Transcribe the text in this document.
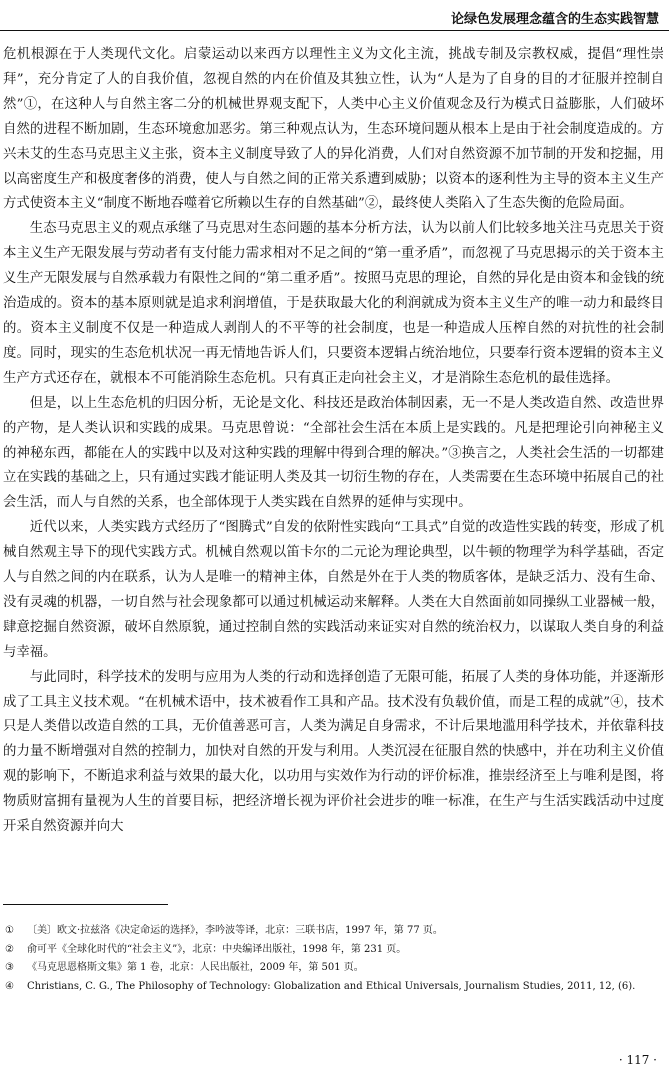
论绿色发展理念蕴含的生态实践智慧

危机根源在于人类现代文化。启蒙运动以来西方以理性主义为文化主流，挑战专制及宗教权威，提倡“理性崇拜”，充分肯定了人的自我价值，忽视自然的内在价值及其独立性，认为“人是为了自身的目的才征服并控制自然”①，在这种人与自然主客二分的机械世界观支配下，人类中心主义价值观念及行为模式日益膨胀，人们破坏自然的进程不断加剧，生态环境愈加恶劣。第三种观点认为，生态环境问题从根本上是由于社会制度造成的。方兴未艾的生态马克思主义主张，资本主义制度导致了人的异化消费，人们对自然资源不加节制的开发和挖掘，用以高密度生产和极度奢侈的消费，使人与自然之间的正常关系遭到威胁；以资本的逐利性为主导的资本主义生产方式使资本主义“制度不断地吞噬着它所赖以生存的自然基础”②，最终使人类陷入了生态失衡的危险局面。

生态马克思主义的观点承继了马克思对生态问题的基本分析方法，认为以前人们比较多地关注马克思关于资本主义生产无限发展与劳动者有支付能力需求相对不足之间的“第一重矛盾”，而忽视了马克思揭示的关于资本主义生产无限发展与自然承载力有限性之间的“第二重矛盾”。按照马克思的理论，自然的异化是由资本和金钱的统治造成的。资本的基本原则就是追求利润增值，于是获取最大化的利润就成为资本主义生产的唯一动力和最终目的。资本主义制度不仅是一种造成人剥削人的不平等的社会制度，也是一种造成人压榨自然的对抗性的社会制度。同时，现实的生态危机状况一再无情地告诉人们，只要资本逻辑占统治地位，只要奉行资本逻辑的资本主义生产方式还存在，就根本不可能消除生态危机。只有真正走向社会主义，才是消除生态危机的最佳选择。

但是，以上生态危机的归因分析，无论是文化、科技还是政治体制因素，无一不是人类改造自然、改造世界的产物，是人类认识和实践的成果。马克思曾说：“全部社会生活在本质上是实践的。凡是把理论引向神秘主义的神秘东西，都能在人的实践中以及对这种实践的理解中得到合理的解决。”③换言之，人类社会生活的一切都建立在实践的基础之上，只有通过实践才能证明人类及其一切衍生物的存在，人类需要在生态环境中拓展自己的社会生活，而人与自然的关系，也全部体现于人类实践在自然界的延伸与实现中。

近代以来，人类实践方式经历了“图腾式”自发的依附性实践向“工具式”自觉的改造性实践的转变，形成了机械自然观主导下的现代实践方式。机械自然观以笛卡尔的二元论为理论典型，以牛顿的物理学为科学基础，否定人与自然之间的内在联系，认为人是唯一的精神主体，自然是外在于人类的物质客体，是缺乏活力、没有生命、没有灵魂的机器，一切自然与社会现象都可以通过机械运动来解释。人类在大自然面前如同操纵工业器械一般，肆意挖掘自然资源，破坏自然原貌，通过控制自然的实践活动来证实对自然的统治权力，以谋取人类自身的利益与幸福。

与此同时，科学技术的发明与应用为人类的行动和选择创造了无限可能，拓展了人类的身体功能，并逐渐形成了工具主义技术观。“在机械术语中，技术被看作工具和产品。技术没有负载价值，而是工程的成就”④，技术只是人类借以改造自然的工具，无价值善恶可言，人类为满足自身需求，不计后果地滥用科学技术，并依靠科技的力量不断增强对自然的控制力，加快对自然的开发与利用。人类沉浸在征服自然的快感中，并在功利主义价值观的影响下，不断追求利益与效果的最大化，以功用与实效作为行动的评价标准，推崇经济至上与唯利是图，将物质财富拥有量视为人生的首要目标，把经济增长视为评价社会进步的唯一标准，在生产与生活实践活动中过度开采自然资源并向大

①	〔美〕欧文·拉兹洛《决定命运的选择》，李吟波等译，北京：三联书店，1997 年，第 77 页。
②	俞可平《全球化时代的“社会主义”》，北京：中央编译出版社，1998 年，第 231 页。
③	《马克思恩格斯文集》第 1 卷，北京：人民出版社，2009 年，第 501 页。
④	Christians, C. G., The Philosophy of Technology: Globalization and Ethical Universals, Journalism Studies, 2011, 12, (6).
· 117 ·
